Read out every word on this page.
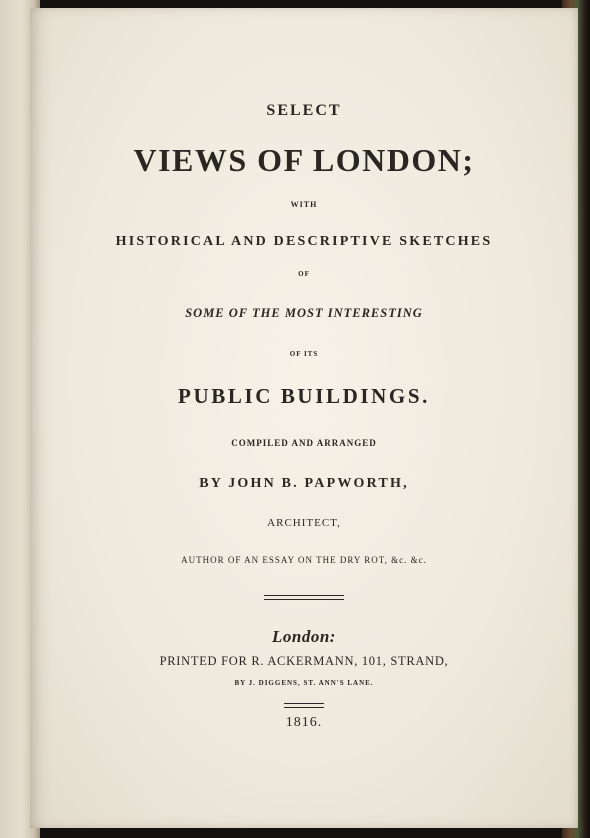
SELECT
VIEWS OF LONDON;
WITH
HISTORICAL AND DESCRIPTIVE SKETCHES
OF
SOME OF THE MOST INTERESTING
OF ITS
PUBLIC BUILDINGS.
COMPILED AND ARRANGED
BY JOHN B. PAPWORTH,
ARCHITECT,
AUTHOR OF AN ESSAY ON THE DRY ROT, &c. &c.
London:
PRINTED FOR R. ACKERMANN, 101, STRAND,
BY J. DIGGENS, ST. ANN'S LANE.
1816.
